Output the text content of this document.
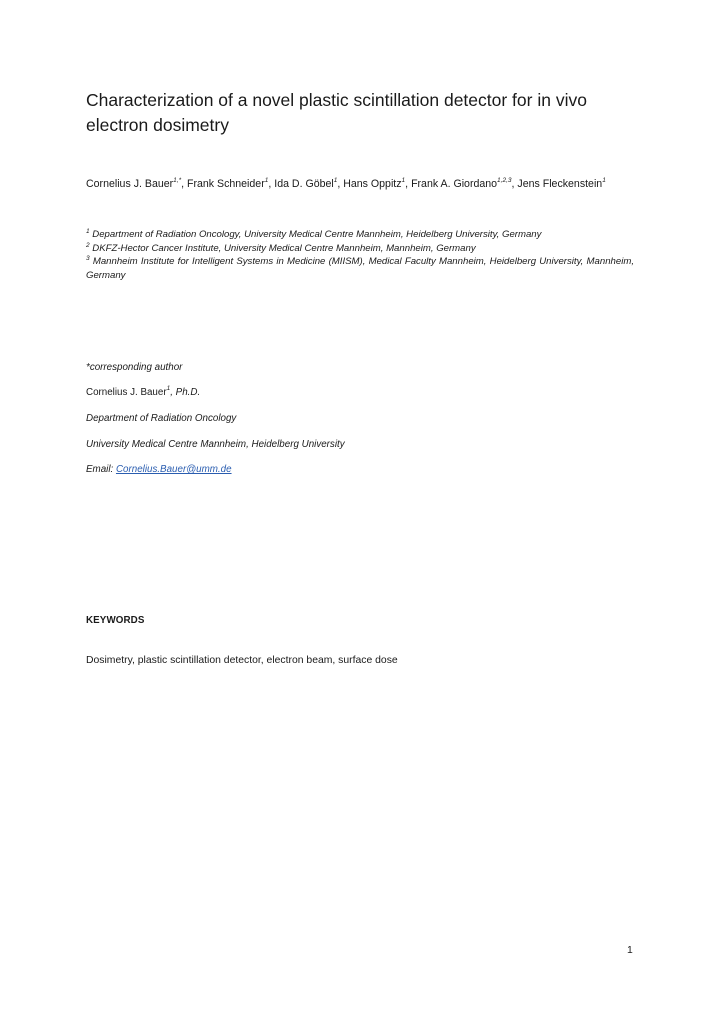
Characterization of a novel plastic scintillation detector for in vivo
electron dosimetry
Cornelius J. Bauer$^{1,*}$, Frank Schneider$^1$, Ida D. Göbel$^1$, Hans Oppitz$^1$, Frank A. Giordano$^{1,2,3}$, Jens Fleckenstein$^1$
$^1$ Department of Radiation Oncology, University Medical Centre Mannheim, Heidelberg University, Germany
$^2$ DKFZ-Hector Cancer Institute, University Medical Centre Mannheim, Mannheim, Germany
$^3$ Mannheim Institute for Intelligent Systems in Medicine (MIISM), Medical Faculty Mannheim, Heidelberg University, Mannheim, Germany
*corresponding author
Cornelius J. Bauer$^1$, Ph.D.
Department of Radiation Oncology
University Medical Centre Mannheim, Heidelberg University
Email: Cornelius.Bauer@umm.de
KEYWORDS
Dosimetry, plastic scintillation detector, electron beam, surface dose
1
